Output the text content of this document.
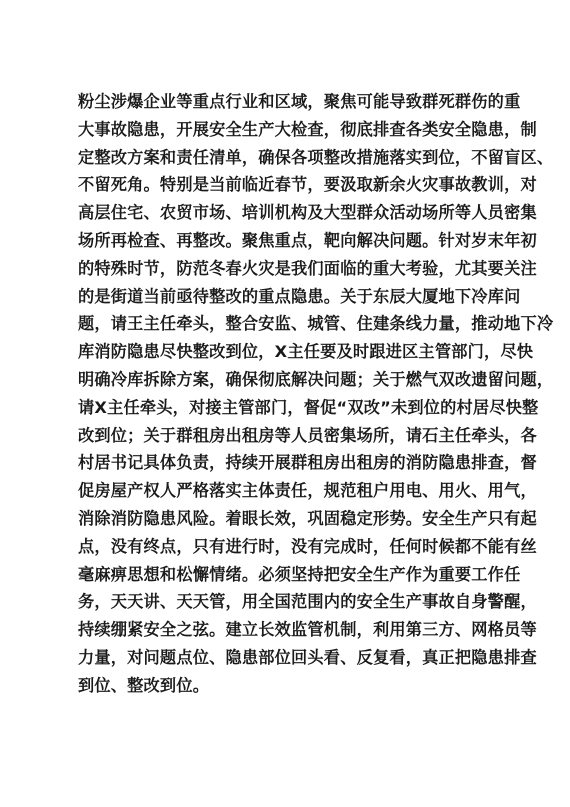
粉尘涉爆企业等重点行业和区域，聚焦可能导致群死群伤的重
大事故隐患，开展安全生产大检查，彻底排查各类安全隐患，制
定整改方案和责任清单，确保各项整改措施落实到位，不留盲区、
不留死角。特别是当前临近春节，要汲取新余火灾事故教训，对
高层住宅、农贸市场、培训机构及大型群众活动场所等人员密集
场所再检查、再整改。聚焦重点，靶向解决问题。针对岁末年初
的特殊时节，防范冬春火灾是我们面临的重大考验，尤其要关注
的是街道当前亟待整改的重点隐患。关于东辰大厦地下冷库问
题，请王主任牵头，整合安监、城管、住建条线力量，推动地下冷
库消防隐患尽快整改到位，X主任要及时跟进区主管部门，尽快
明确冷库拆除方案，确保彻底解决问题；关于燃气双改遗留问题，
请X主任牵头，对接主管部门，督促“双改”未到位的村居尽快整
改到位；关于群租房出租房等人员密集场所，请石主任牵头，各
村居书记具体负责，持续开展群租房出租房的消防隐患排查，督
促房屋产权人严格落实主体责任，规范租户用电、用火、用气，
消除消防隐患风险。着眼长效，巩固稳定形势。安全生产只有起
点，没有终点，只有进行时，没有完成时，任何时候都不能有丝
毫麻痹思想和松懈情绪。必须坚持把安全生产作为重要工作任
务，天天讲、天天管，用全国范围内的安全生产事故自身警醒，
持续绷紧安全之弦。建立长效监管机制，利用第三方、网格员等
力量，对问题点位、隐患部位回头看、反复看，真正把隐患排查
到位、整改到位。
